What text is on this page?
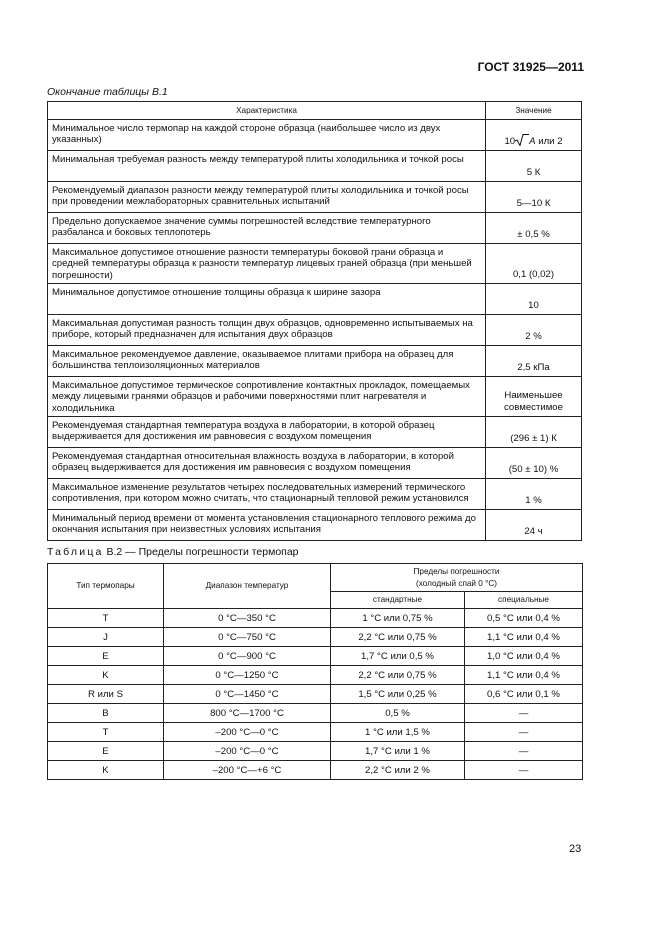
ГОСТ 31925—2011
Окончание таблицы В.1
Характеристика	Значение
Минимальное число термопар на каждой стороне образца (наибольшее число из двух указанных)	10 A или 2
Минимальная требуемая разность между температурой плиты холодильника и точкой росы	5 К
Рекомендуемый диапазон разности между температурой плиты холодильника и точкой росы при проведении межлабораторных сравнительных испытаний	5—10 К
Предельно допускаемое значение суммы погрешностей вследствие температурного разбаланса и боковых теплопотерь	± 0,5 %
Максимальное допустимое отношение разности температуры боковой грани образца и средней температуры образца к разности температур лицевых граней образца (при меньшей погрешности)	0,1 (0,02)
Минимальное допустимое отношение толщины образца к ширине зазора	10
Максимальная допустимая разность толщин двух образцов, одновременно испытываемых на приборе, который предназначен для испытания двух образцов	2 %
Максимальное рекомендуемое давление, оказываемое плитами прибора на образец для большинства теплоизоляционных материалов	2,5 кПа
Максимальное допустимое термическое сопротивление контактных прокладок, помещаемых между лицевыми гранями образцов и рабочими поверхностями плит нагревателя и холодильника	Наименьшее
совместимое

Рекомендуемая стандартная температура воздуха в лаборатории, в которой образец выдерживается для достижения им равновесия с воздухом помещения	(296 ± 1) К
Рекомендуемая стандартная относительная влажность воздуха в лаборатории, в которой образец выдерживается для достижения им равновесия с воздухом помещения	(50 ± 10) %
Максимальное изменение результатов четырех последовательных измерений термического сопротивления, при котором можно считать, что стационарный тепловой режим установился	1 %
Минимальный период времени от момента установления стационарного теплового режима до окончания испытания при неизвестных условиях испытания	24 ч
Таблица В.2 — Пределы погрешности термопар
Тип термопары	Диапазон температур	Пределы погрешности
(холодный спай 0 °С)	

		стандартные	специальные
T	0 °С—350 °С	1 °С или 0,75 %	0,5 °С или 0,4 %
J	0 °С—750 °С	2,2 °С или 0,75 %	1,1 °С или 0,4 %
E	0 °С—900 °С	1,7 °С или 0,5 %	1,0 °С или 0,4 %
K	0 °С—1250 °С	2,2 °С или 0,75 %	1,1 °С или 0,4 %
R или S	0 °С—1450 °С	1,5 °С или 0,25 %	0,6 °С или 0,1 %
B	800 °С—1700 °С	0,5 %	—
T	–200 °С—0 °С	1 °С или 1,5 %	—
E	–200 °С—0 °С	1,7 °С или 1 %	—
K	–200 °С—+6 °С	2,2 °С или 2 %	—
23
